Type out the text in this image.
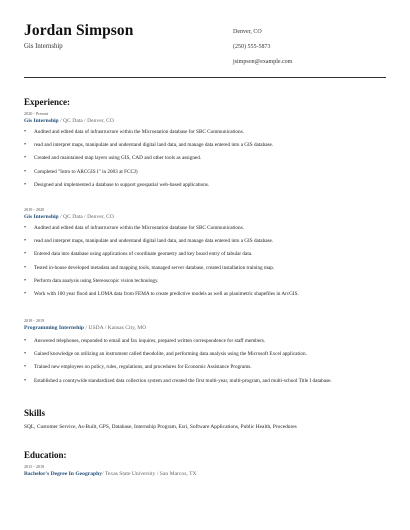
Jordan Simpson
Gis Internship
Denver, CO
(250) 555-5873
jsimpson@example.com
Experience:
2020 - Present
Gis Internship / QC Data / Denver, CO
• Audited and edited data of infrastructure within the Microstation database for SBC Communications.
• read and interpret maps, manipulate and understand digital land data, and manage data entered into a GIS database.
• Created and maintained map layers using GIS, CAD and other tools as assigned.
• Completed "Intro to ARCGIS I" in 2003 at FCCJ)
• Designed and implemented a database to support geospatial web-based applications.
2019 - 2020
Gis Internship / QC Data / Denver, CO
• Audited and edited data of infrastructure within the Microstation database for SBC Communications.
• read and interpret maps, manipulate and understand digital land data, and manage data entered into a GIS database.
• Entered data into database using applications of coordinate geometry and key board entry of tabular data.
• Tested in-house developed metadata and mapping tools, managed server database, created installation training map.
• Perform data analysis using Stereoscopic vision technology.
• Work with 100 year flood and LOMA data from FEMA to create predictive models as well as planimetric shapefiles in ArcGIS.
2018 - 2019
Programming Internship / USDA / Kansas City, MO
• Answered telephones, responded to email and fax inquires, prepared written correspondence for staff members.
• Gained knowledge on utilizing an instrument called theodolite, and performing data analysis using the Microsoft Excel application.
• Trained new employees on policy, rules, regulations, and procedures for Economic Assistance Programs.
• Established a countywide standardized data collection system and created the first multi-year, multi-program, and multi-school Title I database.
Skills
SQL, Customer Service, As-Built, GPS, Database, Internship Program, Esri, Software Applications, Public Health, Procedures
Education:
2015 - 2018
Bachelor's Degree In Geography/ Texas State University / San Marcos, TX
